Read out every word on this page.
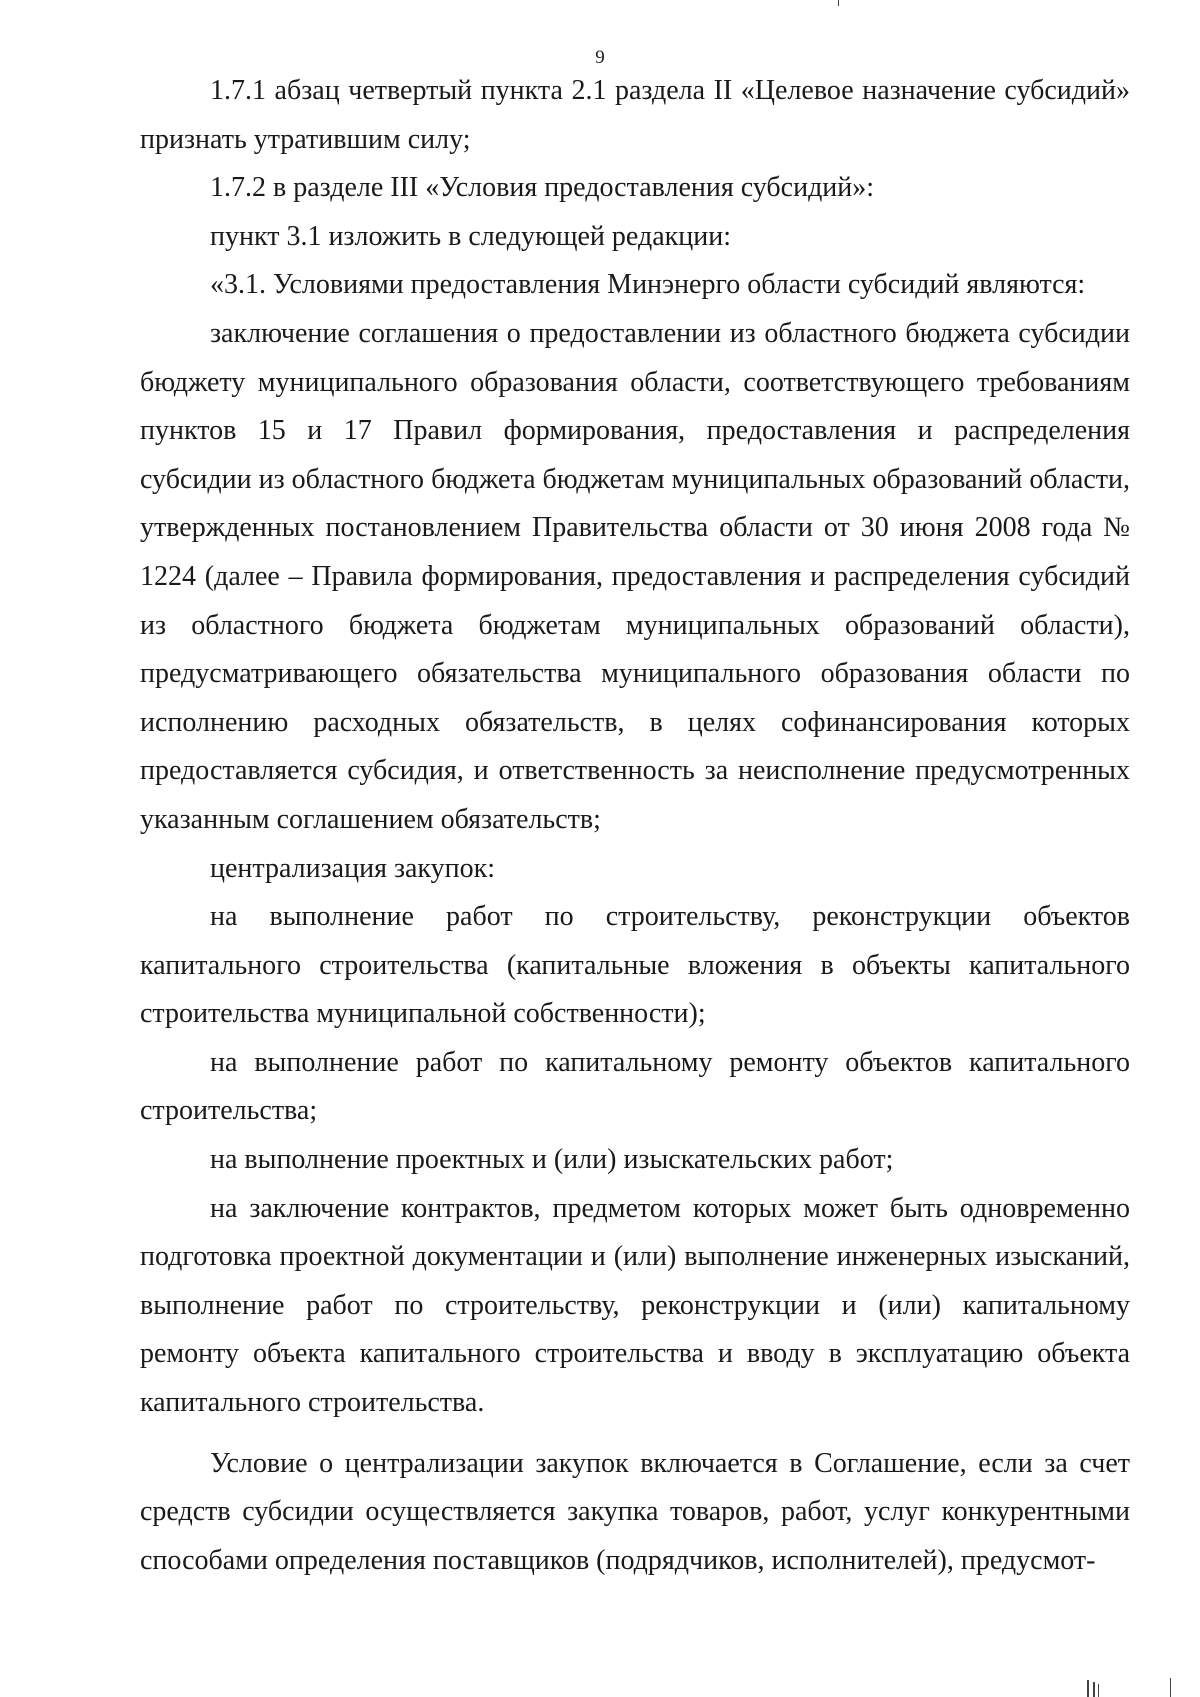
9

1.7.1 абзац четвертый пункта 2.1 раздела II «Целевое назначение субсидий» признать утратившим силу;

1.7.2 в разделе III «Условия предоставления субсидий»:

пункт 3.1 изложить в следующей редакции:

«3.1. Условиями предоставления Минэнерго области субсидий являются:

заключение соглашения о предоставлении из областного бюджета субсидии бюджету муниципального образования области, соответствующего требованиям пунктов 15 и 17 Правил формирования, предоставления и распределения субсидии из областного бюджета бюджетам муниципальных образований области, утвержденных постановлением Правительства области от 30 июня 2008 года № 1224 (далее – Правила формирования, предоставления и распределения субсидий из областного бюджета бюджетам муниципальных образований области), предусматривающего обязательства муниципального образования области по исполнению расходных обязательств, в целях софинансирования которых предоставляется субсидия, и ответственность за неисполнение предусмотренных указанным соглашением обязательств;

централизация закупок:

на выполнение работ по строительству, реконструкции объектов капитального строительства (капитальные вложения в объекты капитального строительства муниципальной собственности);

на выполнение работ по капитальному ремонту объектов капитального строительства;

на выполнение проектных и (или) изыскательских работ;

на заключение контрактов, предметом которых может быть одновременно подготовка проектной документации и (или) выполнение инженерных изысканий, выполнение работ по строительству, реконструкции и (или) капитальному ремонту объекта капитального строительства и вводу в эксплуатацию объекта капитального строительства.

Условие о централизации закупок включается в Соглашение, если за счет средств субсидии осуществляется закупка товаров, работ, услуг конкурентными способами определения поставщиков (подрядчиков, исполнителей), предусмот-
